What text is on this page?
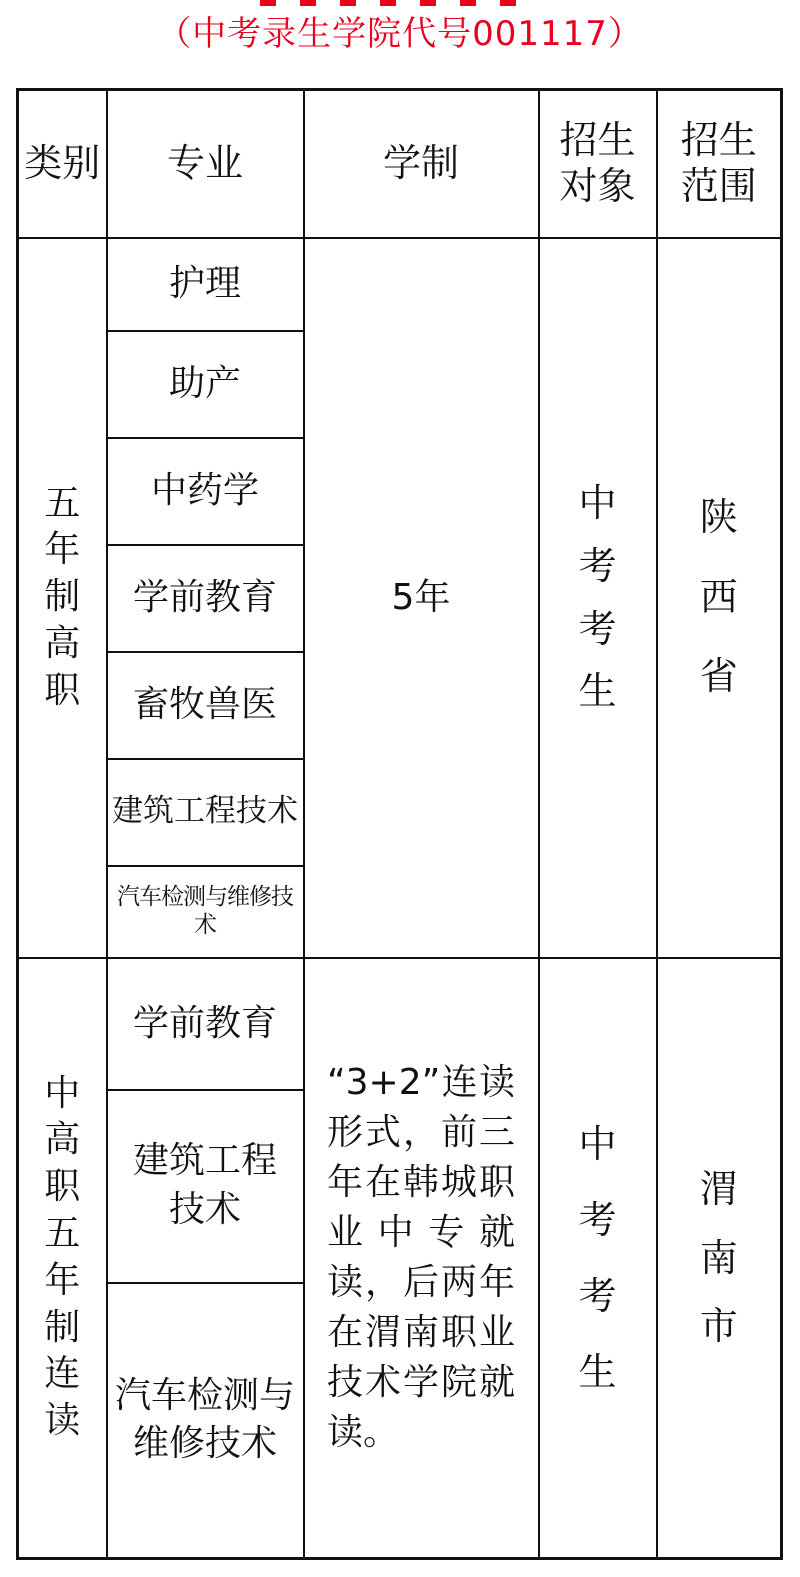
（中考录生学院代号001117）
类别	专业	学制	招生对象	招生范围
五年制高职	护理	5年	中考考生	陕西省
	助产			
	中药学			
	学前教育			
	畜牧兽医			
	建筑工程技术			
	汽车检测与维修技术			
中高职五年制连读	学前教育	“3+2”连读形式，前三年在韩城职业中专就读，后两年在渭南职业技术学院就读。	中考考生	渭南市
	建筑工程技术			
	汽车检测与维修技术			
